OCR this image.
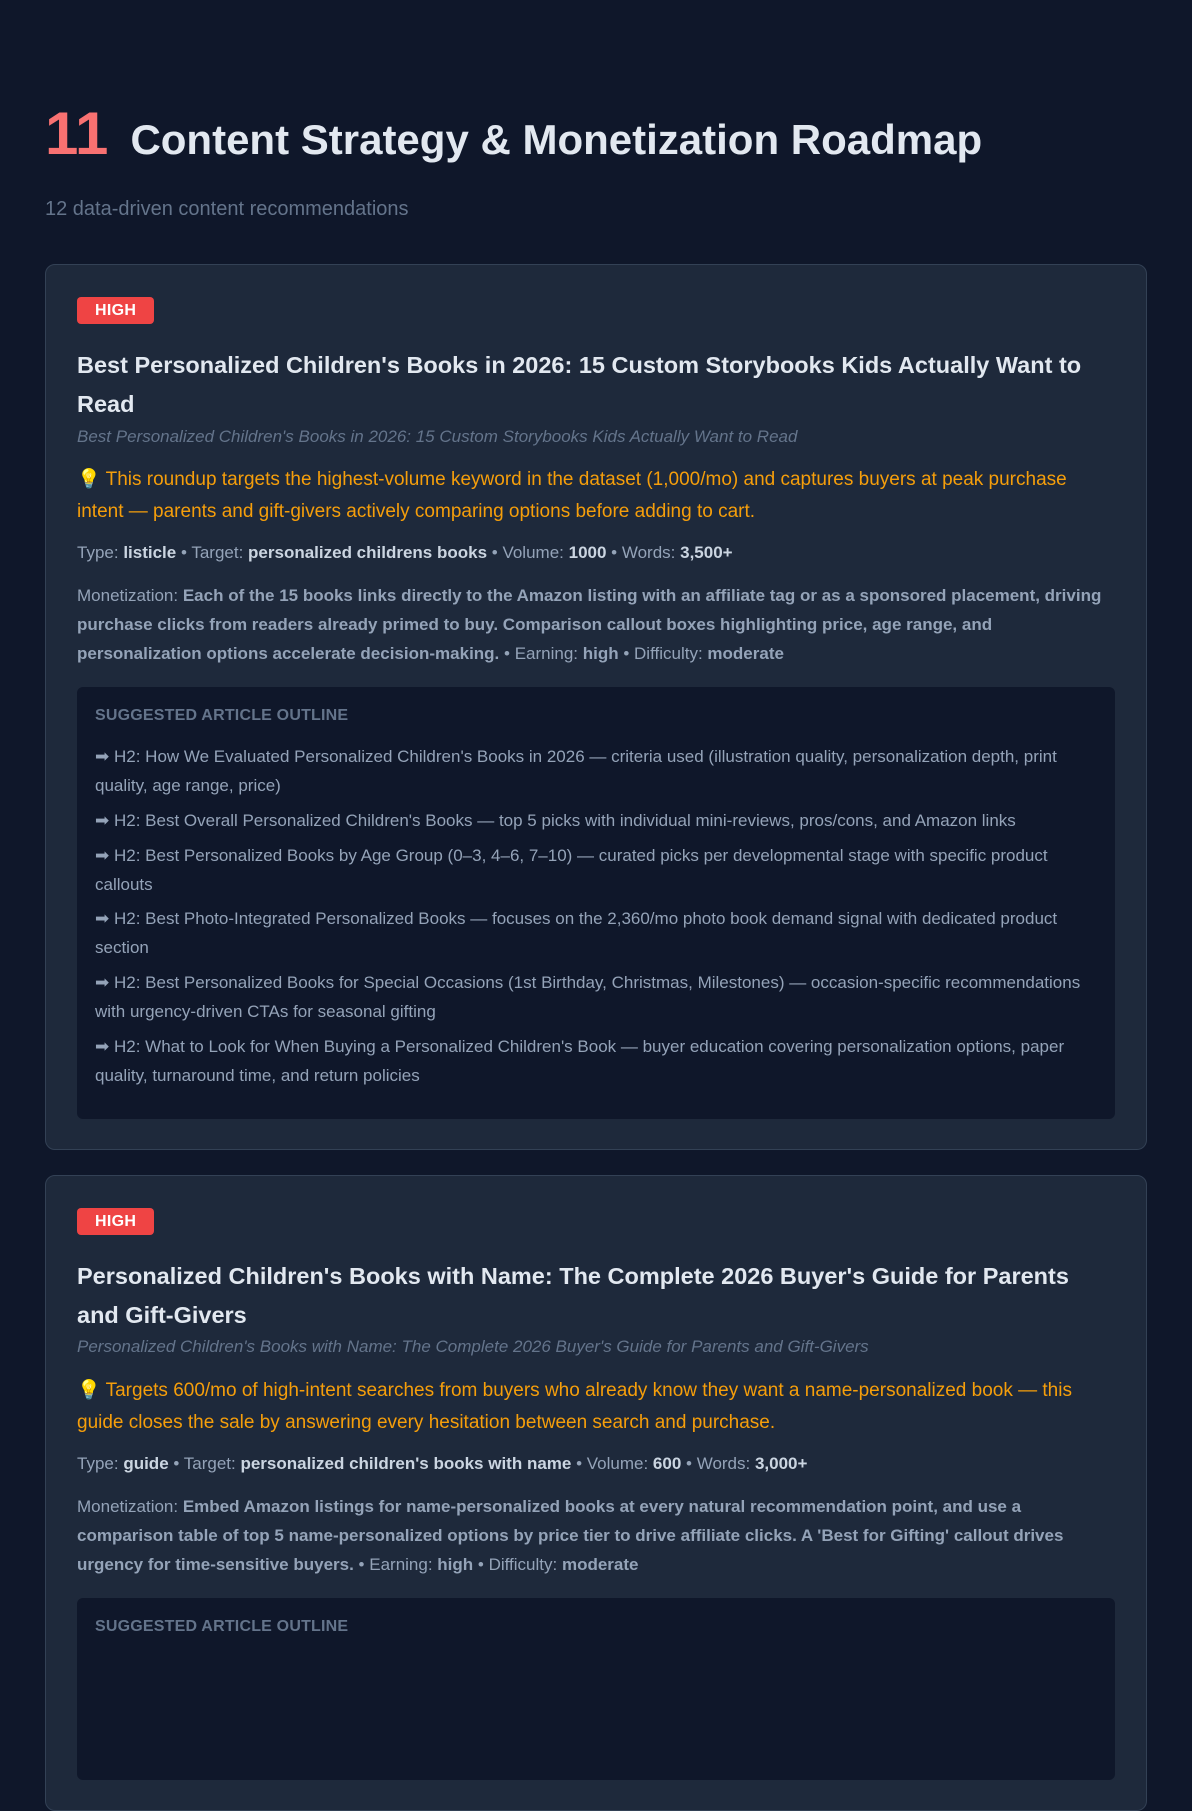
11 Content Strategy & Monetization Roadmap
12 data-driven content recommendations
HIGH
Best Personalized Children's Books in 2026: 15 Custom Storybooks Kids Actually Want to Read
Best Personalized Children's Books in 2026: 15 Custom Storybooks Kids Actually Want to Read
💡 This roundup targets the highest-volume keyword in the dataset (1,000/mo) and captures buyers at peak purchase intent — parents and gift-givers actively comparing options before adding to cart.
Type: listicle • Target: personalized childrens books • Volume: 1000 • Words: 3,500+
Monetization: Each of the 15 books links directly to the Amazon listing with an affiliate tag or as a sponsored placement, driving purchase clicks from readers already primed to buy. Comparison callout boxes highlighting price, age range, and personalization options accelerate decision-making. • Earning: high • Difficulty: moderate
SUGGESTED ARTICLE OUTLINE
➡ H2: How We Evaluated Personalized Children's Books in 2026 — criteria used (illustration quality, personalization depth, print quality, age range, price)
➡ H2: Best Overall Personalized Children's Books — top 5 picks with individual mini-reviews, pros/cons, and Amazon links
➡ H2: Best Personalized Books by Age Group (0–3, 4–6, 7–10) — curated picks per developmental stage with specific product callouts
➡ H2: Best Photo-Integrated Personalized Books — focuses on the 2,360/mo photo book demand signal with dedicated product section
➡ H2: Best Personalized Books for Special Occasions (1st Birthday, Christmas, Milestones) — occasion-specific recommendations with urgency-driven CTAs for seasonal gifting
➡ H2: What to Look for When Buying a Personalized Children's Book — buyer education covering personalization options, paper quality, turnaround time, and return policies
HIGH
Personalized Children's Books with Name: The Complete 2026 Buyer's Guide for Parents and Gift-Givers
Personalized Children's Books with Name: The Complete 2026 Buyer's Guide for Parents and Gift-Givers
💡 Targets 600/mo of high-intent searches from buyers who already know they want a name-personalized book — this guide closes the sale by answering every hesitation between search and purchase.
Type: guide • Target: personalized children's books with name • Volume: 600 • Words: 3,000+
Monetization: Embed Amazon listings for name-personalized books at every natural recommendation point, and use a comparison table of top 5 name-personalized options by price tier to drive affiliate clicks. A 'Best for Gifting' callout drives urgency for time-sensitive buyers. • Earning: high • Difficulty: moderate
SUGGESTED ARTICLE OUTLINE
